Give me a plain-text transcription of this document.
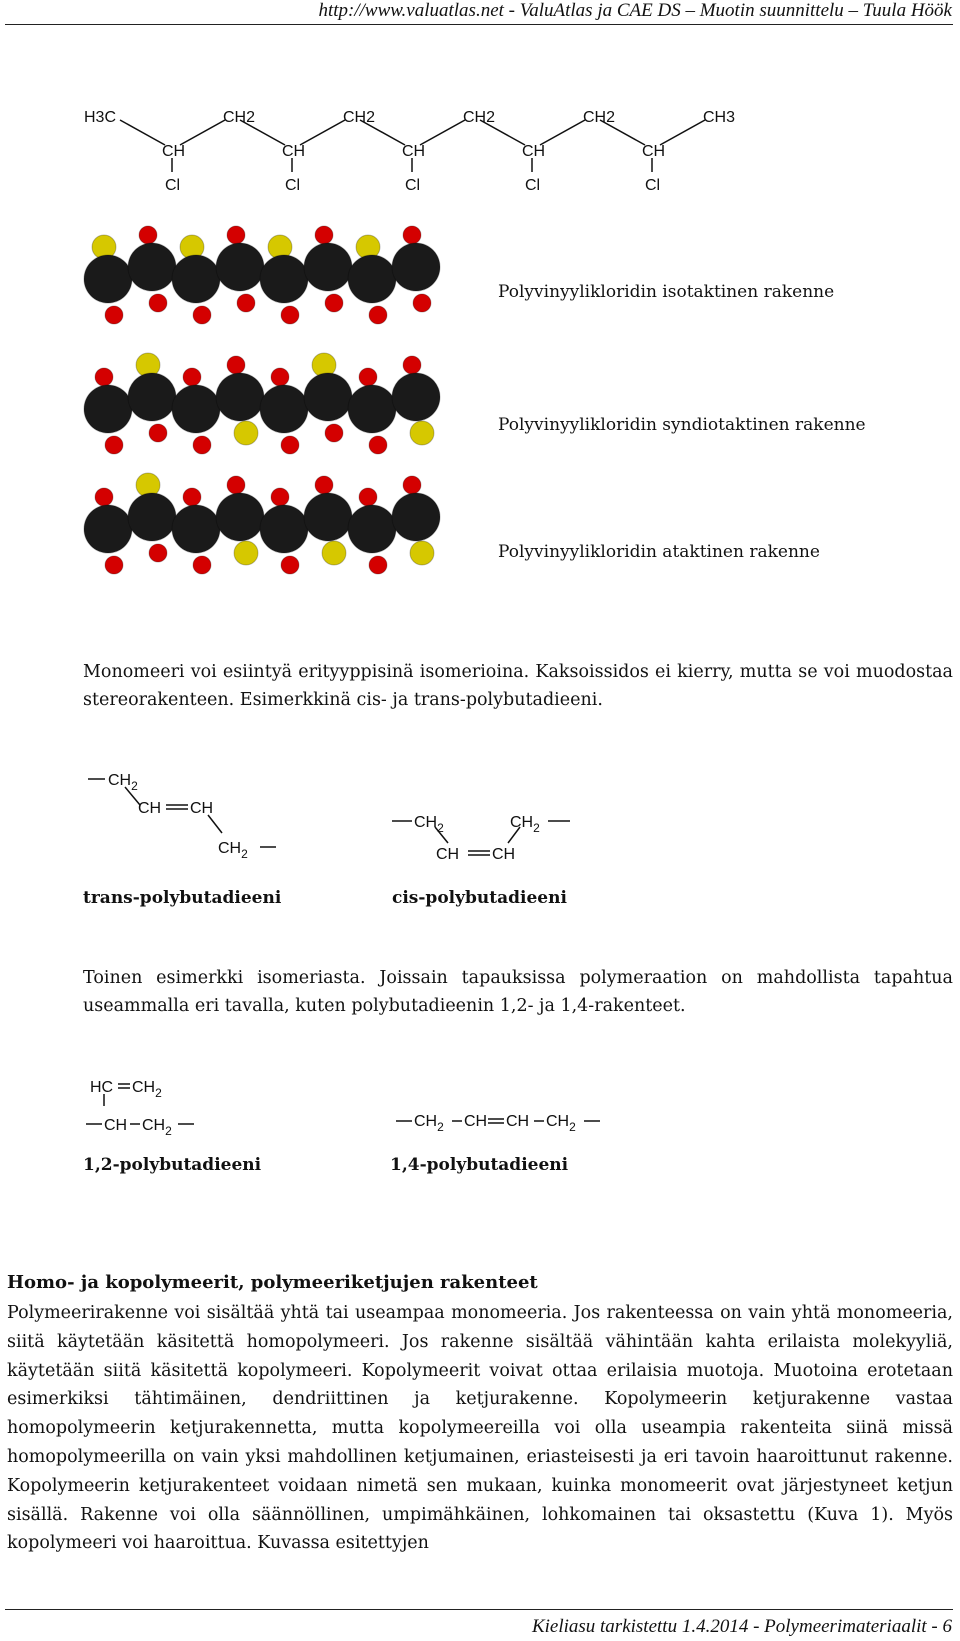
http://www.valuatlas.net - ValuAtlas ja CAE DS – Muotin suunnittelu – Tuula Höök
H3C	CH2	CH2	CH2	CH2	CH3
CH	CH	CH	CH	CH
Cl	Cl	Cl	Cl	Cl
Polyvinyylikloridin isotaktinen rakenne
Polyvinyylikloridin syndiotaktinen rakenne
Polyvinyylikloridin ataktinen rakenne
Monomeeri voi esiintyä erityyppisinä isomerioina. Kaksoissidos ei kierry, mutta se voi muodostaa stereorakenteen. Esimerkkinä cis- ja trans-polybutadieeni.
$CH_2$
CH CH
$CH_2$
$CH_2$	$CH_2$
CH CH
trans-polybutadieeni	cis-polybutadieeni
Toinen esimerkki isomeriasta. Joissain tapauksissa polymeraation on mahdollista tapahtua useammalla eri tavalla, kuten polybutadieenin 1,2- ja 1,4-rakenteet.
HC $CH_2$
CH $CH_2$
$CH_2$ CH CH $CH_2$
1,2-polybutadieeni	1,4-polybutadieeni
Homo- ja kopolymeerit, polymeeriketjujen rakenteet
Polymeerirakenne voi sisältää yhtä tai useampaa monomeeria. Jos rakenteessa on vain yhtä monomeeria, siitä käytetään käsitettä homopolymeeri. Jos rakenne sisältää vähintään kahta erilaista molekyyliä, käytetään siitä käsitettä kopolymeeri. Kopolymeerit voivat ottaa erilaisia muotoja. Muotoina erotetaan esimerkiksi tähtimäinen, dendriittinen ja ketjurakenne. Kopolymeerin ketjurakenne vastaa homopolymeerin ketjurakennetta, mutta kopolymeereilla voi olla useampia rakenteita siinä missä homopolymeerilla on vain yksi mahdollinen ketjumainen, eriasteisesti ja eri tavoin haaroittunut rakenne. Kopolymeerin ketjurakenteet voidaan nimetä sen mukaan, kuinka monomeerit ovat järjestyneet ketjun sisällä. Rakenne voi olla säännöllinen, umpimähkäinen, lohkomainen tai oksastettu (Kuva 1). Myös kopolymeeri voi haaroittua. Kuvassa esitettyjen
Kieliasu tarkistettu 1.4.2014 - Polymeerimateriaalit - 6
